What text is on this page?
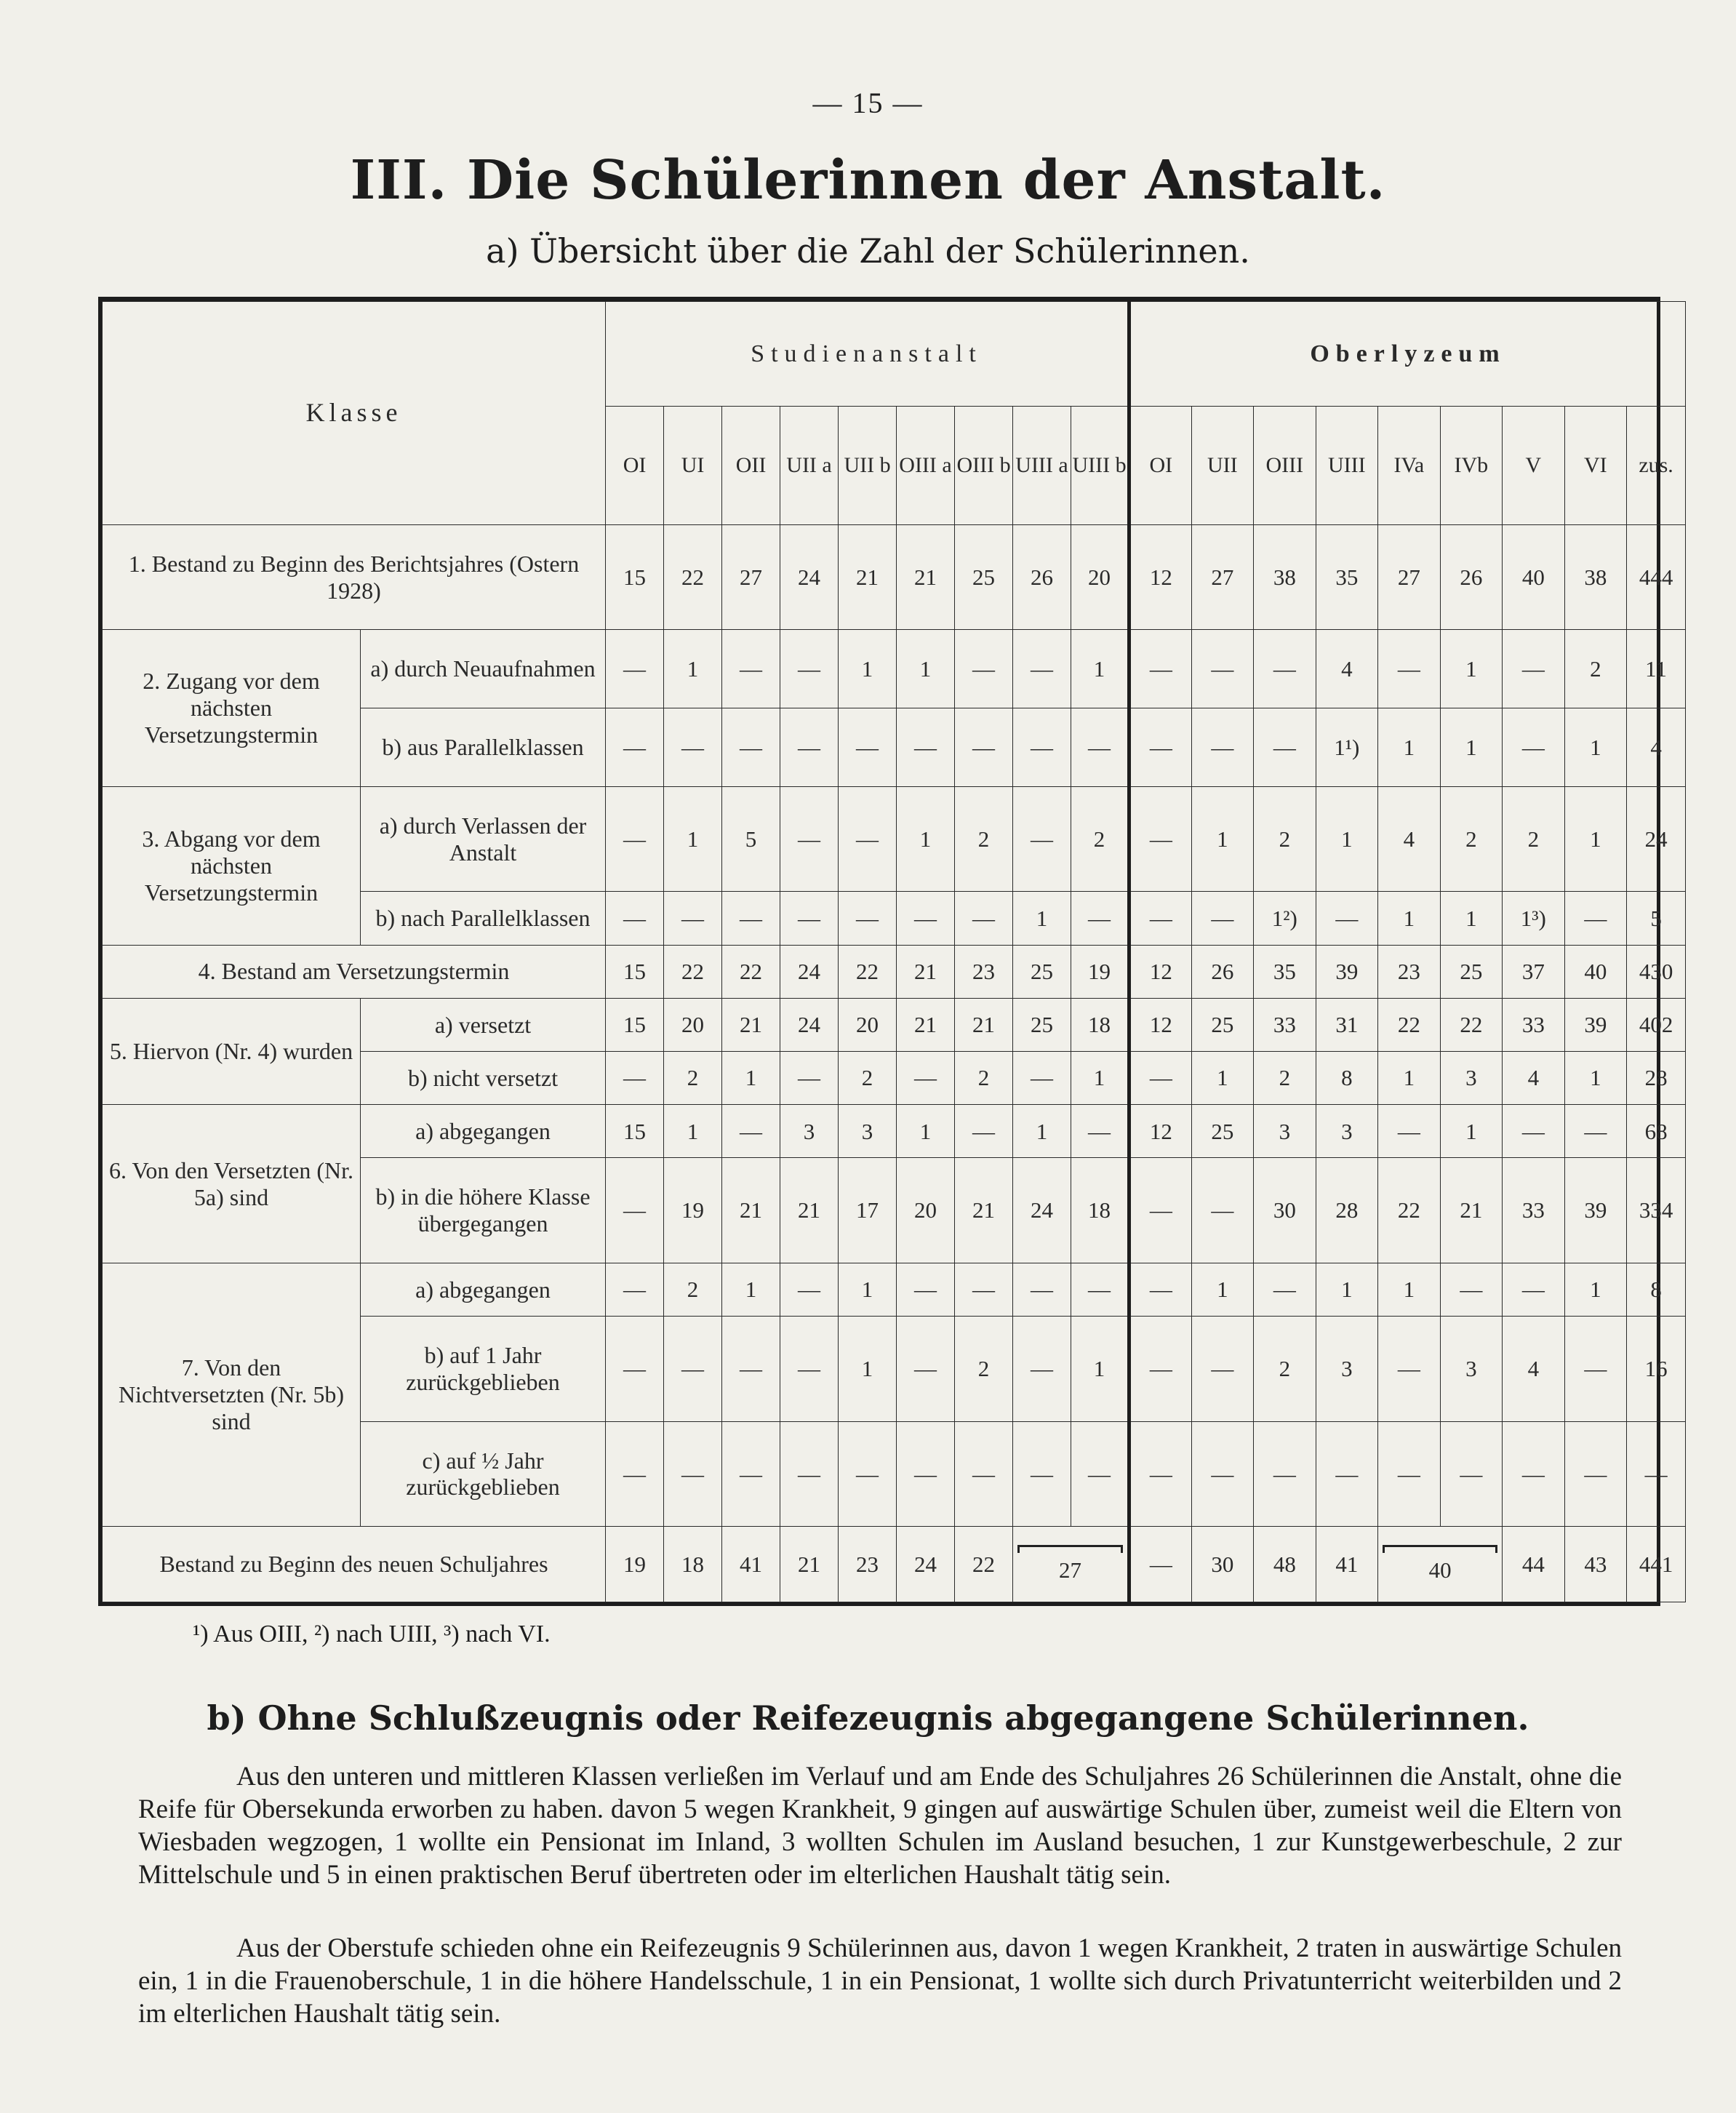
— 15 —
III. Die Schülerinnen der Anstalt.
a) Übersicht über die Zahl der Schülerinnen.
Klasse		Studienanstalt									Oberlyzeum								
		OI	UI	OII	UII a	UII b	OIII a	OIII b	UIII a	UIII b	OI	UII	OIII	UIII	IVa	IVb	V	VI	zus.
1. Bestand zu Beginn des Berichtsjahres (Ostern 1928)		15	22	27	24	21	21	25	26	20	12	27	38	35	27	26	40	38	444
2. Zugang vor dem nächsten Versetzungstermin	a) durch Neuaufnahmen	—	1	—	—	1	1	—	—	1	—	—	—	4	—	1	—	2	11
	b) aus Parallelklassen	—	—	—	—	—	—	—	—	—	—	—	—	1¹)	1	1	—	1	4
3. Abgang vor dem nächsten Versetzungstermin	a) durch Verlassen der Anstalt	—	1	5	—	—	1	2	—	2	—	1	2	1	4	2	2	1	24
	b) nach Parallelklassen	—	—	—	—	—	—	—	1	—	—	—	1²)	—	1	1	1³)	—	5
4. Bestand am Versetzungstermin		15	22	22	24	22	21	23	25	19	12	26	35	39	23	25	37	40	430
5. Hiervon (Nr. 4) wurden	a) versetzt	15	20	21	24	20	21	21	25	18	12	25	33	31	22	22	33	39	402
	b) nicht versetzt	—	2	1	—	2	—	2	—	1	—	1	2	8	1	3	4	1	28
6. Von den Versetzten (Nr. 5a) sind	a) abgegangen	15	1	—	3	3	1	—	1	—	12	25	3	3	—	1	—	—	68
	b) in die höhere Klasse übergegangen	—	19	21	21	17	20	21	24	18	—	—	30	28	22	21	33	39	334
7. Von den Nichtversetzten (Nr. 5b) sind	a) abgegangen	—	2	1	—	1	—	—	—	—	—	1	—	1	1	—	—	1	8
	b) auf 1 Jahr zurückgeblieben	—	—	—	—	1	—	2	—	1	—	—	2	3	—	3	4	—	16
	c) auf ½ Jahr zurückgeblieben	—	—	—	—	—	—	—	—	—	—	—	—	—	—	—	—	—	—
Bestand zu Beginn des neuen Schuljahres		19	18	41	21	23	24	22	27		—	30	48	41	40		44	43	441
¹) Aus OIII, ²) nach UIII, ³) nach VI.
b) Ohne Schlußzeugnis oder Reifezeugnis abgegangene Schülerinnen.
Aus den unteren und mittleren Klassen verließen im Verlauf und am Ende des Schuljahres 26 Schülerinnen die Anstalt, ohne die Reife für Obersekunda erworben zu haben. davon 5 wegen Krankheit, 9 gingen auf auswärtige Schulen über, zumeist weil die Eltern von Wiesbaden wegzogen, 1 wollte ein Pensionat im Inland, 3 wollten Schulen im Ausland besuchen, 1 zur Kunstgewerbeschule, 2 zur Mittelschule und 5 in einen praktischen Beruf übertreten oder im elterlichen Haushalt tätig sein.
Aus der Oberstufe schieden ohne ein Reifezeugnis 9 Schülerinnen aus, davon 1 wegen Krankheit, 2 traten in auswärtige Schulen ein, 1 in die Frauenoberschule, 1 in die höhere Handelsschule, 1 in ein Pensionat, 1 wollte sich durch Privatunterricht weiterbilden und 2 im elterlichen Haushalt tätig sein.
